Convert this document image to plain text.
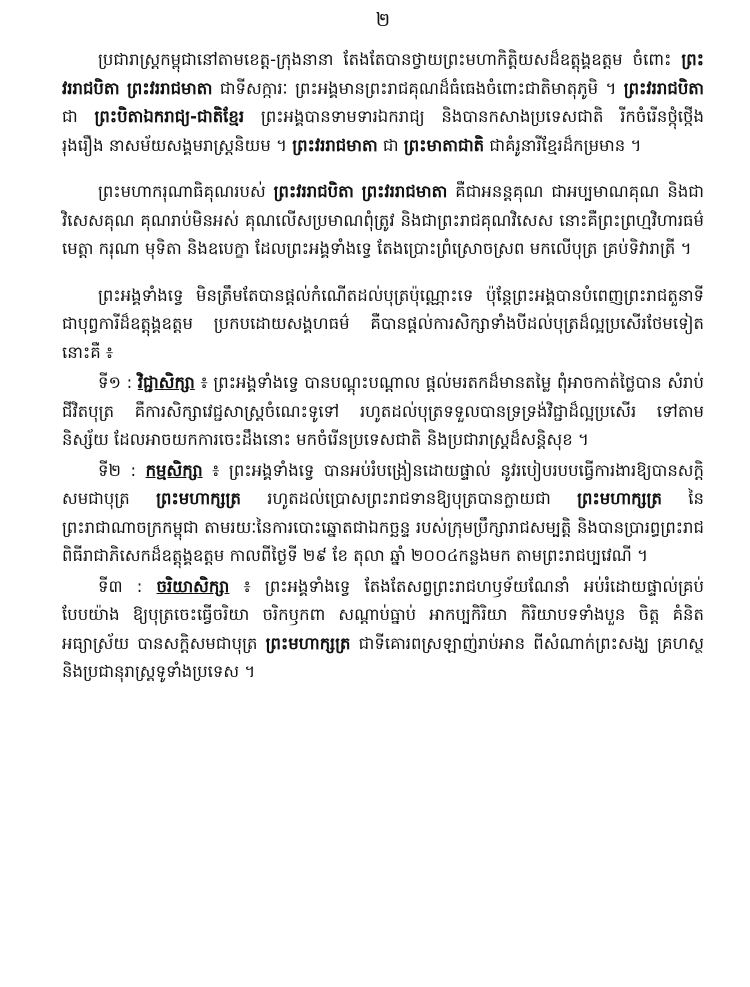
២

ប្រជារាស្ត្រកម្ពុជានៅតាមខេត្ត-ក្រុងនានា តែងតែបានថ្វាយព្រះមហាកិត្តិយសដ៏ឧត្តុង្គឧត្តម ចំពោះ ព្រះវររាជបិតា ព្រះវររាជមាតា ជាទីសក្ការៈ ព្រះអង្គមានព្រះរាជគុណដ៏ធំធេងចំពោះជាតិមាតុភូមិ ។ ព្រះវររាជបិតា ជា ព្រះបិតាឯករាជ្យ-ជាតិខ្មែរ ព្រះអង្គបានទាមទារឯករាជ្យ និងបានកសាងប្រទេសជាតិ រីកចំរើនថ្កុំថ្កើង រុងរឿង នាសម័យសង្គមរាស្ត្រនិយម ។ ព្រះវររាជមាតា ជា ព្រះមាតាជាតិ ជាគំរូនារីខ្មែរដ៏កម្រមាន ។

ព្រះមហាករុណាធិគុណរបស់ ព្រះវររាជបិតា ព្រះវររាជមាតា គឺជាអនន្តគុណ ជាអប្បមាណគុណ និងជាវិសេសគុណ គុណរាប់មិនអស់ គុណលើសប្រមាណពុំត្រូវ និងជាព្រះរាជគុណវិសេស នោះគឺព្រះព្រហ្មវិហារធម៌ មេត្តា ករុណា មុទិតា និងឧបេក្ខា ដែលព្រះអង្គទាំងទ្វេ តែងប្រោះព្រំស្រោចស្រព មកលើបុត្រ គ្រប់ទិវារាត្រី ។

ព្រះអង្គទាំងទ្វេ មិនត្រឹមតែបានផ្តល់កំណើតដល់បុត្រប៉ុណ្ណោះទេ ប៉ុន្តែព្រះអង្គបានបំពេញព្រះរាជតួនាទីជាបុព្វការីដ៏ឧត្តុង្គឧត្តម ប្រកបដោយសង្គហធម៌ គឺបានផ្តល់ការសិក្សាទាំងបីដល់បុត្រដ៏ល្អប្រសើរថែមទៀត នោះគឺ ៖

ទី១ : វិជ្ជាសិក្សា ៖ ព្រះអង្គទាំងទ្វេ បានបណ្តុះបណ្តាល ផ្តល់មរតកដ៏មានតម្លៃ ពុំអាចកាត់ថ្លៃបាន សំរាប់ជីវិតបុត្រ គឺការសិក្សាវេជ្ជសាស្ត្រចំណេះទូទៅ រហូតដល់បុត្រទទួលបានទ្រទ្រង់វិជ្ជាដ៏ល្អប្រសើរ ទៅតាមនិស្ស័យ ដែលអាចយកការចេះដឹងនោះ មកចំរើនប្រទេសជាតិ និងប្រជារាស្ត្រដ៏សន្តិសុខ ។

ទី២ : កម្មសិក្សា ៖ ព្រះអង្គទាំងទ្វេ បានអប់រំបង្រៀនដោយផ្ទាល់ នូវរបៀបរបបធ្វើការងារឱ្យបានសក្តិសមជាបុត្រ ព្រះមហាក្សត្រ រហូតដល់ប្រោសព្រះរាជទានឱ្យបុត្របានក្លាយជា ព្រះមហាក្សត្រ នៃព្រះរាជាណាចក្រកម្ពុជា តាមរយៈនៃការបោះឆ្នោតជាឯកច្ឆន្ទ របស់ក្រុមប្រឹក្សារាជសម្បត្តិ និងបានប្រារព្ធព្រះរាជពិធីរាជាភិសេកដ៏ឧត្តុង្គឧត្តម កាលពីថ្ងៃទី ២៩ ខែ តុលា ឆ្នាំ ២០០៤កន្លងមក តាមព្រះរាជប្បវេណី ។

ទី៣ : ចរិយាសិក្សា ៖ ព្រះអង្គទាំងទ្វេ តែងតែសព្វព្រះរាជហឫទ័យណែនាំ អប់រំដោយផ្ទាល់គ្រប់បែបយ៉ាង ឱ្យបុត្រចេះធ្វើចរិយា ចរិកឫកពា សណ្តាប់ធ្នាប់ អាកប្បកិរិយា កិរិយាបទទាំងបួន ចិត្ត គំនិត អធ្យាស្រ័យ បានសក្តិសមជាបុត្រ ព្រះមហាក្សត្រ ជាទីគោរពស្រឡាញ់រាប់អាន ពីសំណាក់ព្រះសង្ឃ គ្រហស្ថ និងប្រជានុរាស្ត្រទូទាំងប្រទេស ។
